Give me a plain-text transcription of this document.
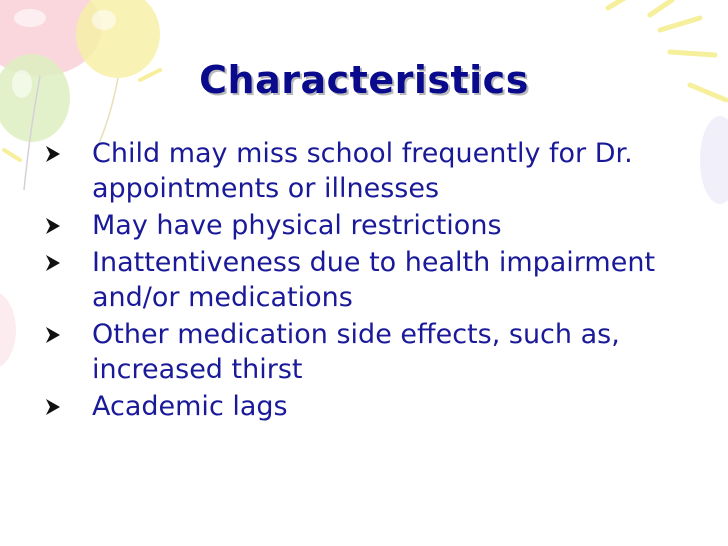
Characteristics
Child may miss school frequently for Dr. appointments or illnesses
May have physical restrictions
Inattentiveness due to health impairment and/or medications
Other medication side effects, such as, increased thirst
Academic lags
